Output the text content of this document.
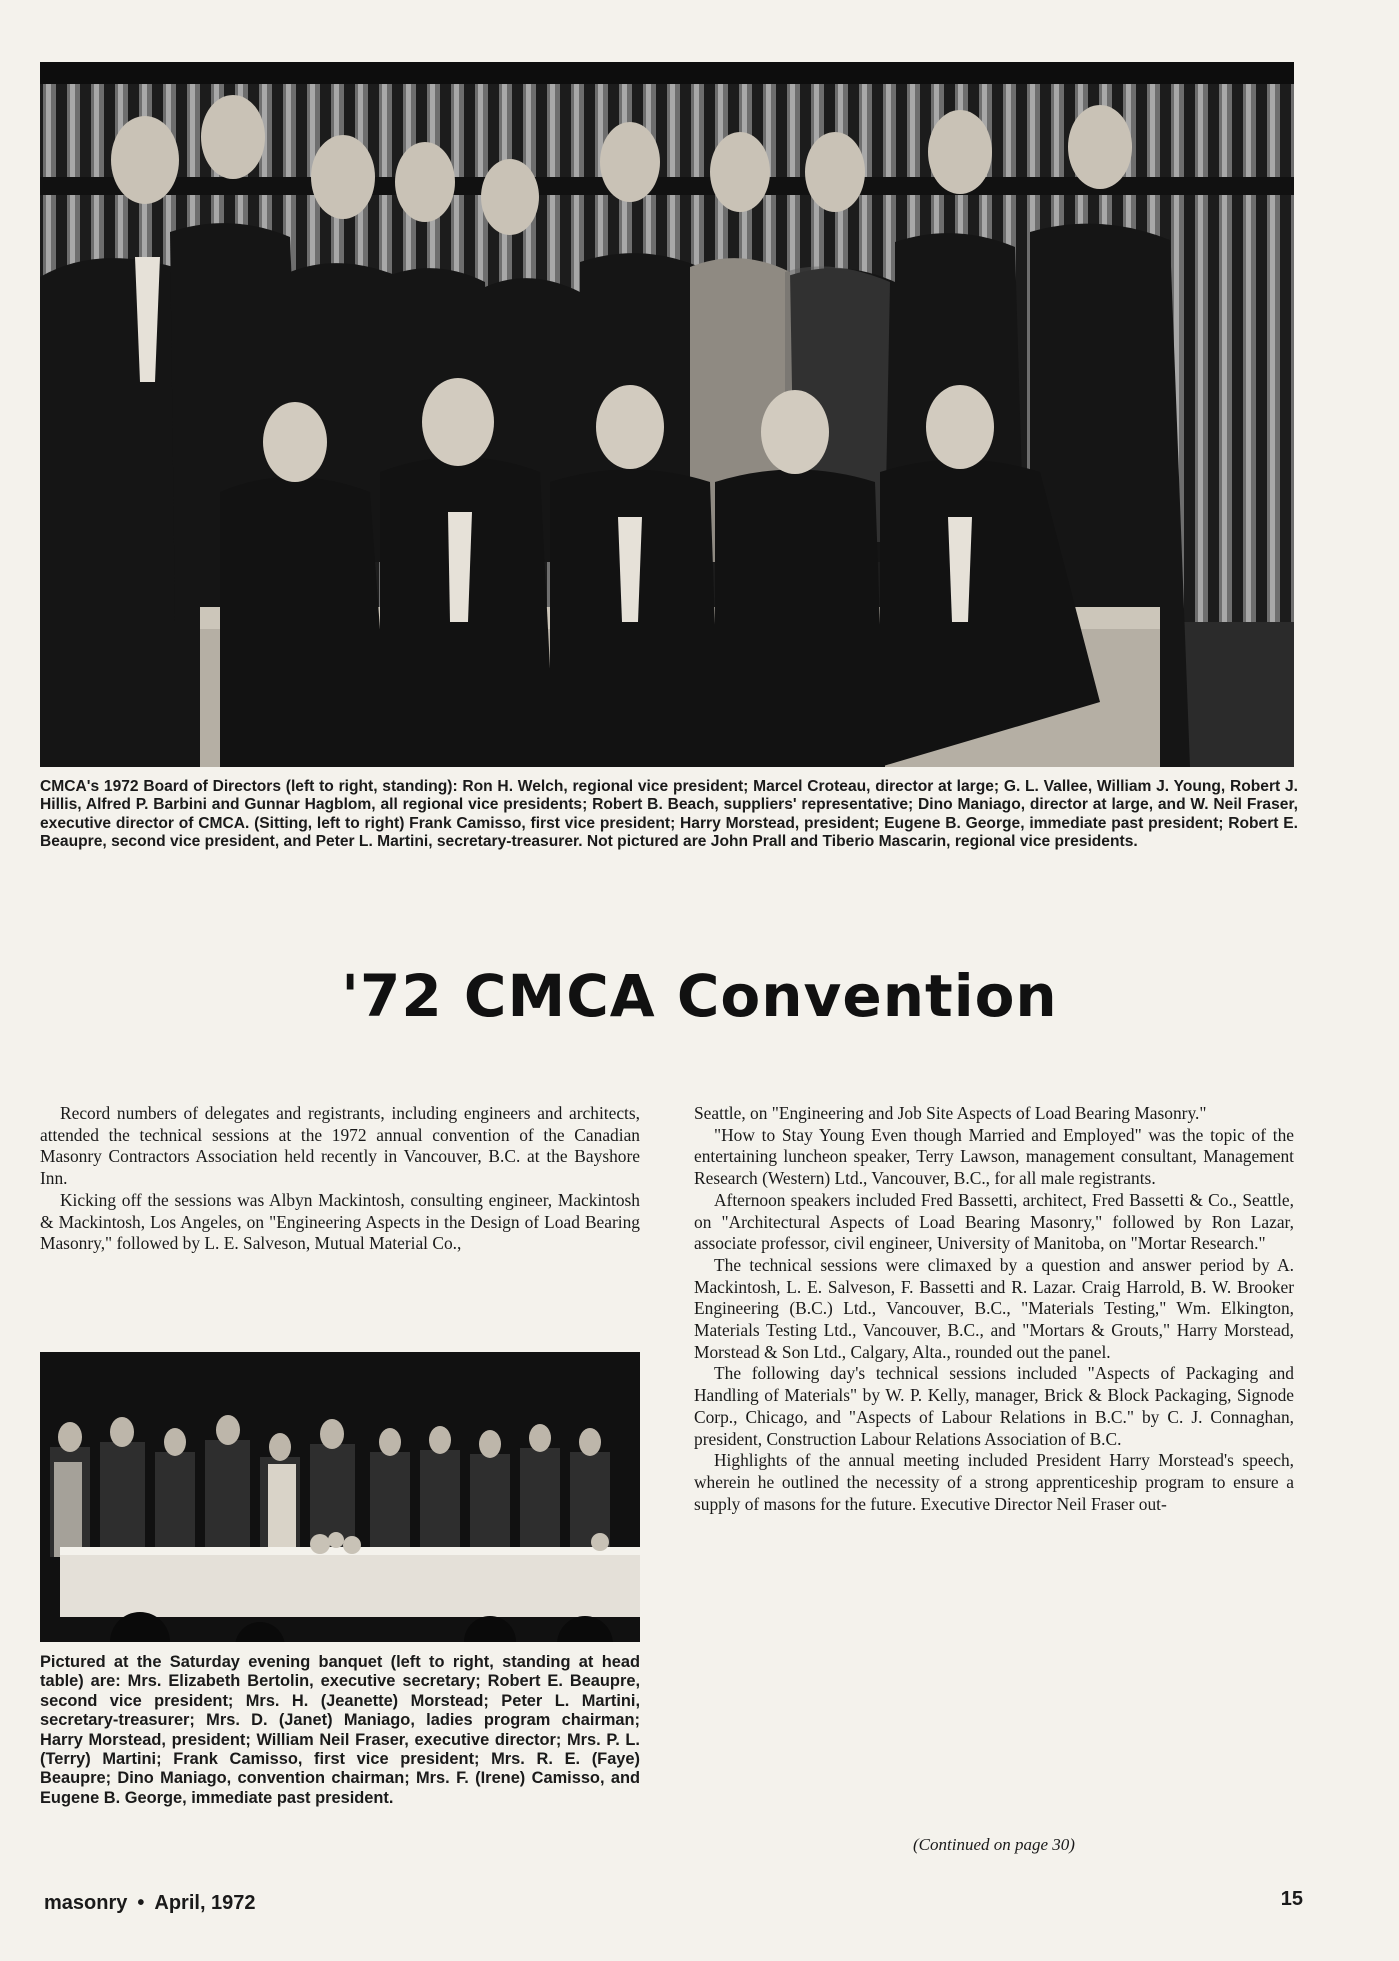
CMCA's 1972 Board of Directors (left to right, standing): Ron H. Welch, regional vice president; Marcel Croteau, director at large; G. L. Vallee, William J. Young, Robert J. Hillis, Alfred P. Barbini and Gunnar Hagblom, all regional vice presidents; Robert B. Beach, suppliers' representative; Dino Maniago, director at large, and W. Neil Fraser, executive director of CMCA. (Sitting, left to right) Frank Camisso, first vice president; Harry Morstead, president; Eugene B. George, immediate past president; Robert E. Beaupre, second vice president, and Peter L. Martini, secretary-treasurer. Not pictured are John Prall and Tiberio Mascarin, regional vice presidents.

'72 CMCA Convention

Record numbers of delegates and registrants, including engineers and architects, attended the technical sessions at the 1972 annual convention of the Canadian Masonry Contractors Association held recently in Vancouver, B.C. at the Bayshore Inn.

Kicking off the sessions was Albyn Mackintosh, consulting engineer, Mackintosh & Mackintosh, Los Angeles, on "Engineering Aspects in the Design of Load Bearing Masonry," followed by L. E. Salveson, Mutual Material Co.,

Pictured at the Saturday evening banquet (left to right, standing at head table) are: Mrs. Elizabeth Bertolin, executive secretary; Robert E. Beaupre, second vice president; Mrs. H. (Jeanette) Morstead; Peter L. Martini, secretary-treasurer; Mrs. D. (Janet) Maniago, ladies program chairman; Harry Morstead, president; William Neil Fraser, executive director; Mrs. P. L. (Terry) Martini; Frank Camisso, first vice president; Mrs. R. E. (Faye) Beaupre; Dino Maniago, convention chairman; Mrs. F. (Irene) Camisso, and Eugene B. George, immediate past president.

Seattle, on "Engineering and Job Site Aspects of Load Bearing Masonry."

"How to Stay Young Even though Married and Employed" was the topic of the entertaining luncheon speaker, Terry Lawson, management consultant, Management Research (Western) Ltd., Vancouver, B.C., for all male registrants.

Afternoon speakers included Fred Bassetti, architect, Fred Bassetti & Co., Seattle, on "Architectural Aspects of Load Bearing Masonry," followed by Ron Lazar, associate professor, civil engineer, University of Manitoba, on "Mortar Research."

The technical sessions were climaxed by a question and answer period by A. Mackintosh, L. E. Salveson, F. Bassetti and R. Lazar. Craig Harrold, B. W. Brooker Engineering (B.C.) Ltd., Vancouver, B.C., "Materials Testing," Wm. Elkington, Materials Testing Ltd., Vancouver, B.C., and "Mortars & Grouts," Harry Morstead, Morstead & Son Ltd., Calgary, Alta., rounded out the panel.

The following day's technical sessions included "Aspects of Packaging and Handling of Materials" by W. P. Kelly, manager, Brick & Block Packaging, Signode Corp., Chicago, and "Aspects of Labour Relations in B.C." by C. J. Connaghan, president, Construction Labour Relations Association of B.C.

Highlights of the annual meeting included President Harry Morstead's speech, wherein he outlined the necessity of a strong apprenticeship program to ensure a supply of masons for the future. Executive Director Neil Fraser out-

(Continued on page 30)
masonry • April, 1972	15
